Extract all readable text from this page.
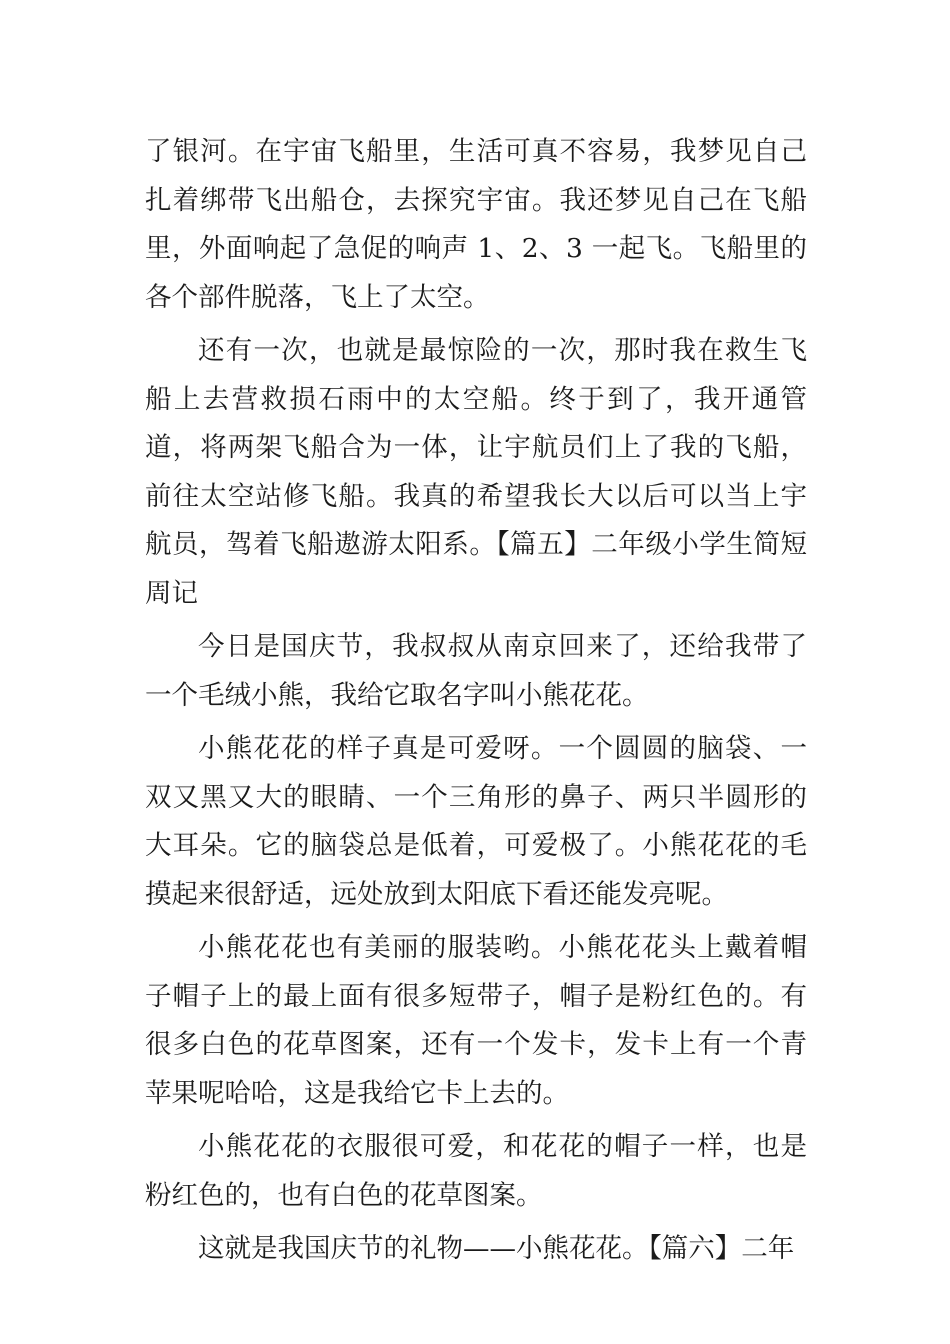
了银河。在宇宙飞船里，生活可真不容易，我梦见自己扎着绑带飞出船仓，去探究宇宙。我还梦见自己在飞船里，外面响起了急促的响声 1、2、3 一起飞。飞船里的各个部件脱落，飞上了太空。

还有一次，也就是最惊险的一次，那时我在救生飞船上去营救损石雨中的太空船。终于到了，我开通管道，将两架飞船合为一体，让宇航员们上了我的飞船，前往太空站修飞船。我真的希望我长大以后可以当上宇航员，驾着飞船遨游太阳系。【篇五】二年级小学生简短周记

今日是国庆节，我叔叔从南京回来了，还给我带了一个毛绒小熊，我给它取名字叫小熊花花。

小熊花花的样子真是可爱呀。一个圆圆的脑袋、一双又黑又大的眼睛、一个三角形的鼻子、两只半圆形的大耳朵。它的脑袋总是低着，可爱极了。小熊花花的毛摸起来很舒适，远处放到太阳底下看还能发亮呢。

小熊花花也有美丽的服装哟。小熊花花头上戴着帽子帽子上的最上面有很多短带子，帽子是粉红色的。有很多白色的花草图案，还有一个发卡，发卡上有一个青苹果呢哈哈，这是我给它卡上去的。

小熊花花的衣服很可爱，和花花的帽子一样，也是粉红色的，也有白色的花草图案。

这就是我国庆节的礼物——小熊花花。【篇六】二年
